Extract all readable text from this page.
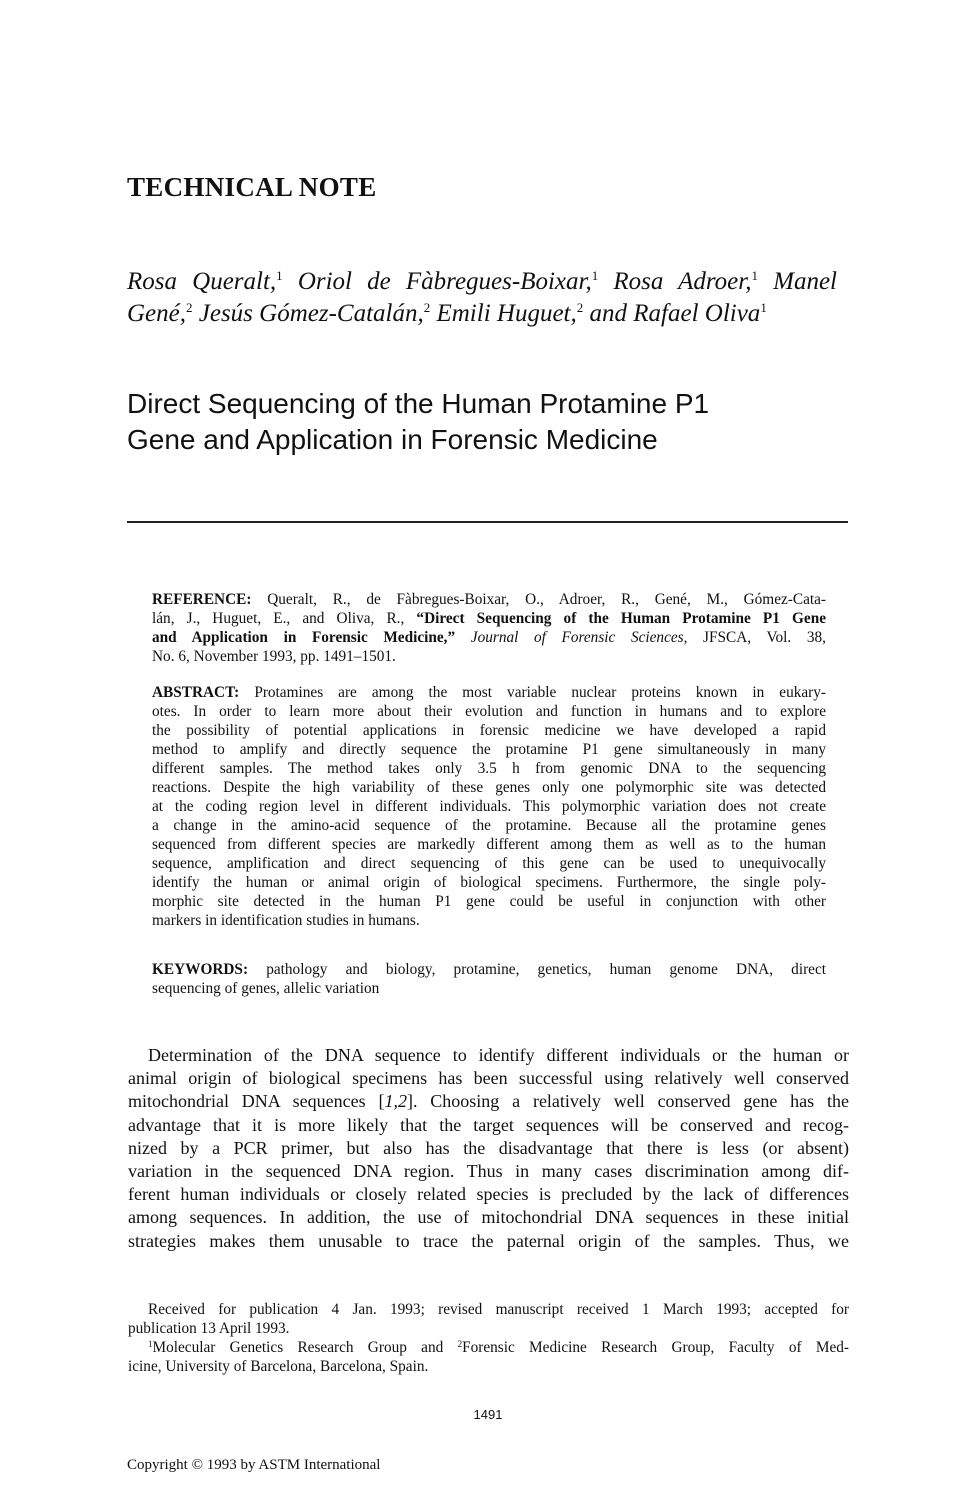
TECHNICAL NOTE
Rosa Queralt,$^1$ Oriol de Fàbregues-Boixar,$^1$ Rosa Adroer,$^1$ Manel
Gené,$^2$ Jesús Gómez-Catalán,$^2$ Emili Huguet,$^2$ and Rafael Oliva$^1$
Direct Sequencing of the Human Protamine P1
Gene and Application in Forensic Medicine
REFERENCE: Queralt, R., de Fàbregues-Boixar, O., Adroer, R., Gené, M., Gómez-Cata-
lán, J., Huguet, E., and Oliva, R., “Direct Sequencing of the Human Protamine P1 Gene
and Application in Forensic Medicine,” Journal of Forensic Sciences, JFSCA, Vol. 38,
No. 6, November 1993, pp. 1491–1501.
ABSTRACT: Protamines are among the most variable nuclear proteins known in eukary-
otes. In order to learn more about their evolution and function in humans and to explore
the possibility of potential applications in forensic medicine we have developed a rapid
method to amplify and directly sequence the protamine P1 gene simultaneously in many
different samples. The method takes only 3.5 h from genomic DNA to the sequencing
reactions. Despite the high variability of these genes only one polymorphic site was detected
at the coding region level in different individuals. This polymorphic variation does not create
a change in the amino-acid sequence of the protamine. Because all the protamine genes
sequenced from different species are markedly different among them as well as to the human
sequence, amplification and direct sequencing of this gene can be used to unequivocally
identify the human or animal origin of biological specimens. Furthermore, the single poly-
morphic site detected in the human P1 gene could be useful in conjunction with other
markers in identification studies in humans.
KEYWORDS: pathology and biology, protamine, genetics, human genome DNA, direct
sequencing of genes, allelic variation
Determination of the DNA sequence to identify different individuals or the human or
animal origin of biological specimens has been successful using relatively well conserved
mitochondrial DNA sequences [1,2]. Choosing a relatively well conserved gene has the
advantage that it is more likely that the target sequences will be conserved and recog-
nized by a PCR primer, but also has the disadvantage that there is less (or absent)
variation in the sequenced DNA region. Thus in many cases discrimination among dif-
ferent human individuals or closely related species is precluded by the lack of differences
among sequences. In addition, the use of mitochondrial DNA sequences in these initial
strategies makes them unusable to trace the paternal origin of the samples. Thus, we
Received for publication 4 Jan. 1993; revised manuscript received 1 March 1993; accepted for
publication 13 April 1993.
$^1$Molecular Genetics Research Group and $^2$Forensic Medicine Research Group, Faculty of Med-
icine, University of Barcelona, Barcelona, Spain.
1491
Copyright © 1993 by ASTM International
